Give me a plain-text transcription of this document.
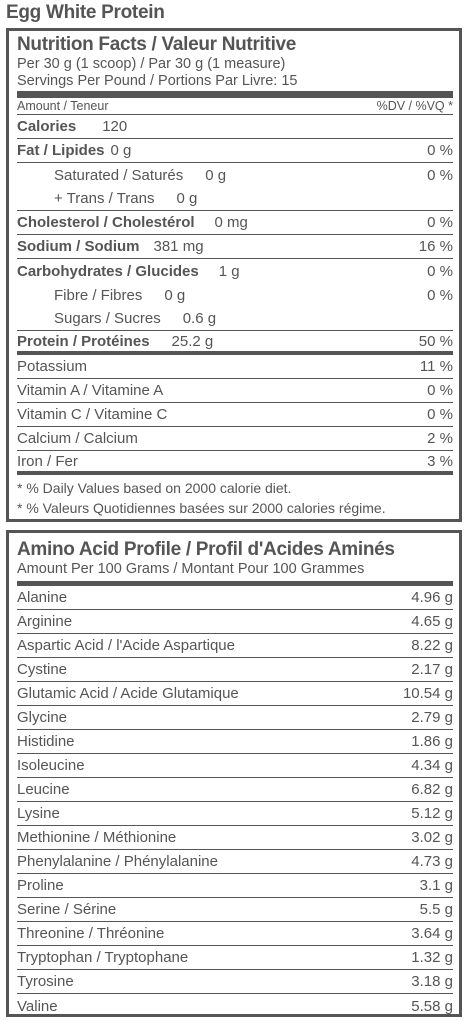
Egg White Protein
Nutrition Facts / Valeur Nutritive
Per 30 g (1 scoop) / Par 30 g (1 measure)
Servings Per Pound / Portions Par Livre: 15
Amount / Teneur	%DV / %VQ *
Calories 120
Fat / Lipides 0 g	0 %
Saturated / Saturés 0 g	0 %
+ Trans / Trans 0 g
Cholesterol / Cholestérol 0 mg	0 %
Sodium / Sodium 381 mg	16 %
Carbohydrates / Glucides 1 g	0 %
Fibre / Fibres 0 g	0 %
Sugars / Sucres 0.6 g
Protein / Protéines 25.2 g	50 %
Potassium	11 %
Vitamin A / Vitamine A	0 %
Vitamin C / Vitamine C	0 %
Calcium / Calcium	2 %
Iron / Fer	3 %
* % Daily Values based on 2000 calorie diet.
* % Valeurs Quotidiennes basées sur 2000 calories régime.
Amino Acid Profile / Profil d'Acides Aminés
Amount Per 100 Grams / Montant Pour 100 Grammes
Alanine	4.96 g
Arginine	4.65 g
Aspartic Acid / l'Acide Aspartique	8.22 g
Cystine	2.17 g
Glutamic Acid / Acide Glutamique	10.54 g
Glycine	2.79 g
Histidine	1.86 g
Isoleucine	4.34 g
Leucine	6.82 g
Lysine	5.12 g
Methionine / Méthionine	3.02 g
Phenylalanine / Phénylalanine	4.73 g
Proline	3.1 g
Serine / Sérine	5.5 g
Threonine / Thréonine	3.64 g
Tryptophan / Tryptophane	1.32 g
Tyrosine	3.18 g
Valine	5.58 g
